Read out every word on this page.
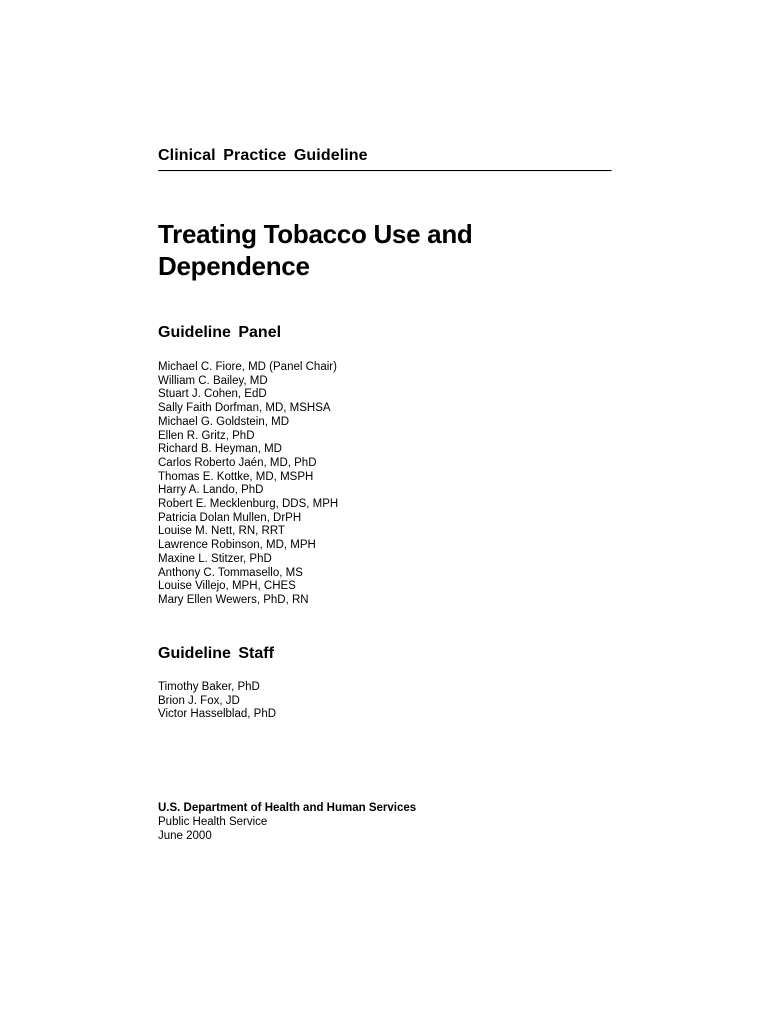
Clinical Practice Guideline
Treating Tobacco Use and
Dependence
Guideline Panel
Michael C. Fiore, MD (Panel Chair)
William C. Bailey, MD
Stuart J. Cohen, EdD
Sally Faith Dorfman, MD, MSHSA
Michael G. Goldstein, MD
Ellen R. Gritz, PhD
Richard B. Heyman, MD
Carlos Roberto Jaén, MD, PhD
Thomas E. Kottke, MD, MSPH
Harry A. Lando, PhD
Robert E. Mecklenburg, DDS, MPH
Patricia Dolan Mullen, DrPH
Louise M. Nett, RN, RRT
Lawrence Robinson, MD, MPH
Maxine L. Stitzer, PhD
Anthony C. Tommasello, MS
Louise Villejo, MPH, CHES
Mary Ellen Wewers, PhD, RN
Guideline Staff
Timothy Baker, PhD
Brion J. Fox, JD
Victor Hasselblad, PhD
U.S. Department of Health and Human Services
Public Health Service
June 2000
